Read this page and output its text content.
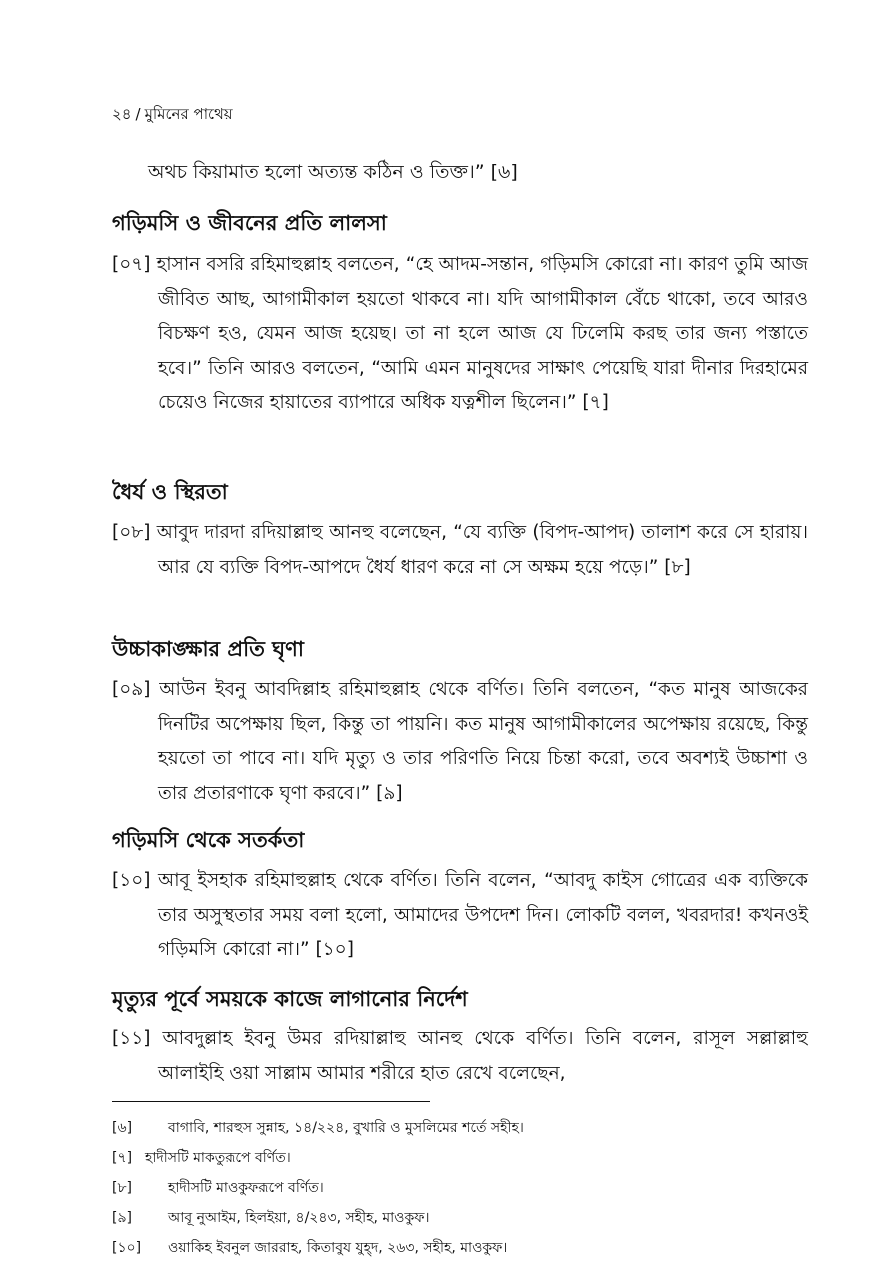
২৪ / মুমিনের পাথেয়
অথচ কিয়ামাত হলো অত্যন্ত কঠিন ও তিক্ত।” [৬]
গড়িমসি ও জীবনের প্রতি লালসা
[০৭] হাসান বসরি রহিমাহুল্লাহ বলতেন, “হে আদম-সন্তান, গড়িমসি কোরো না। কারণ তুমি আজ জীবিত আছ, আগামীকাল হয়তো থাকবে না। যদি আগামীকাল বেঁচে থাকো, তবে আরও বিচক্ষণ হও, যেমন আজ হয়েছ। তা না হলে আজ যে ঢিলেমি করছ তার জন্য পস্তাতে হবে।” তিনি আরও বলতেন, “আমি এমন মানুষদের সাক্ষাৎ পেয়েছি যারা দীনার দিরহামের চেয়েও নিজের হায়াতের ব্যাপারে অধিক যত্নশীল ছিলেন।” [৭]
ধৈর্য ও স্থিরতা
[০৮] আবুদ দারদা রদিয়াল্লাহু আনহু বলেছেন, “যে ব্যক্তি (বিপদ-আপদ) তালাশ করে সে হারায়। আর যে ব্যক্তি বিপদ-আপদে ধৈর্য ধারণ করে না সে অক্ষম হয়ে পড়ে।” [৮]
উচ্চাকাঙ্ক্ষার প্রতি ঘৃণা
[০৯] আউন ইবনু আবদিল্লাহ রহিমাহুল্লাহ থেকে বর্ণিত। তিনি বলতেন, “কত মানুষ আজকের দিনটির অপেক্ষায় ছিল, কিন্তু তা পায়নি। কত মানুষ আগামীকালের অপেক্ষায় রয়েছে, কিন্তু হয়তো তা পাবে না। যদি মৃত্যু ও তার পরিণতি নিয়ে চিন্তা করো, তবে অবশ্যই উচ্চাশা ও তার প্রতারণাকে ঘৃণা করবে।” [৯]
গড়িমসি থেকে সতর্কতা
[১০] আবূ ইসহাক রহিমাহুল্লাহ থেকে বর্ণিত। তিনি বলেন, “আবদু কাইস গোত্রের এক ব্যক্তিকে তার অসুস্থতার সময় বলা হলো, আমাদের উপদেশ দিন। লোকটি বলল, খবরদার! কখনওই গড়িমসি কোরো না।” [১০]
মৃত্যুর পূর্বে সময়কে কাজে লাগানোর নির্দেশ
[১১] আবদুল্লাহ ইবনু উমর রদিয়াল্লাহু আনহু থেকে বর্ণিত। তিনি বলেন, রাসূল সল্লাল্লাহু আলাইহি ওয়া সাল্লাম আমার শরীরে হাত রেখে বলেছেন,
[৬]	বাগাবি, শারহুস সুন্নাহ, ১৪/২২৪, বুখারি ও মুসলিমের শর্তে সহীহ।
[৭] হাদীসটি মাকতুরূপে বর্ণিত।
[৮]	হাদীসটি মাওকুফরূপে বর্ণিত।
[৯]	আবূ নুআইম, হিলইয়া, ৪/২৪৩, সহীহ, মাওকুফ।
[১০] ওয়াকিহ ইবনুল জাররাহ, কিতাবুয যুহ্দ, ২৬৩, সহীহ, মাওকুফ।
